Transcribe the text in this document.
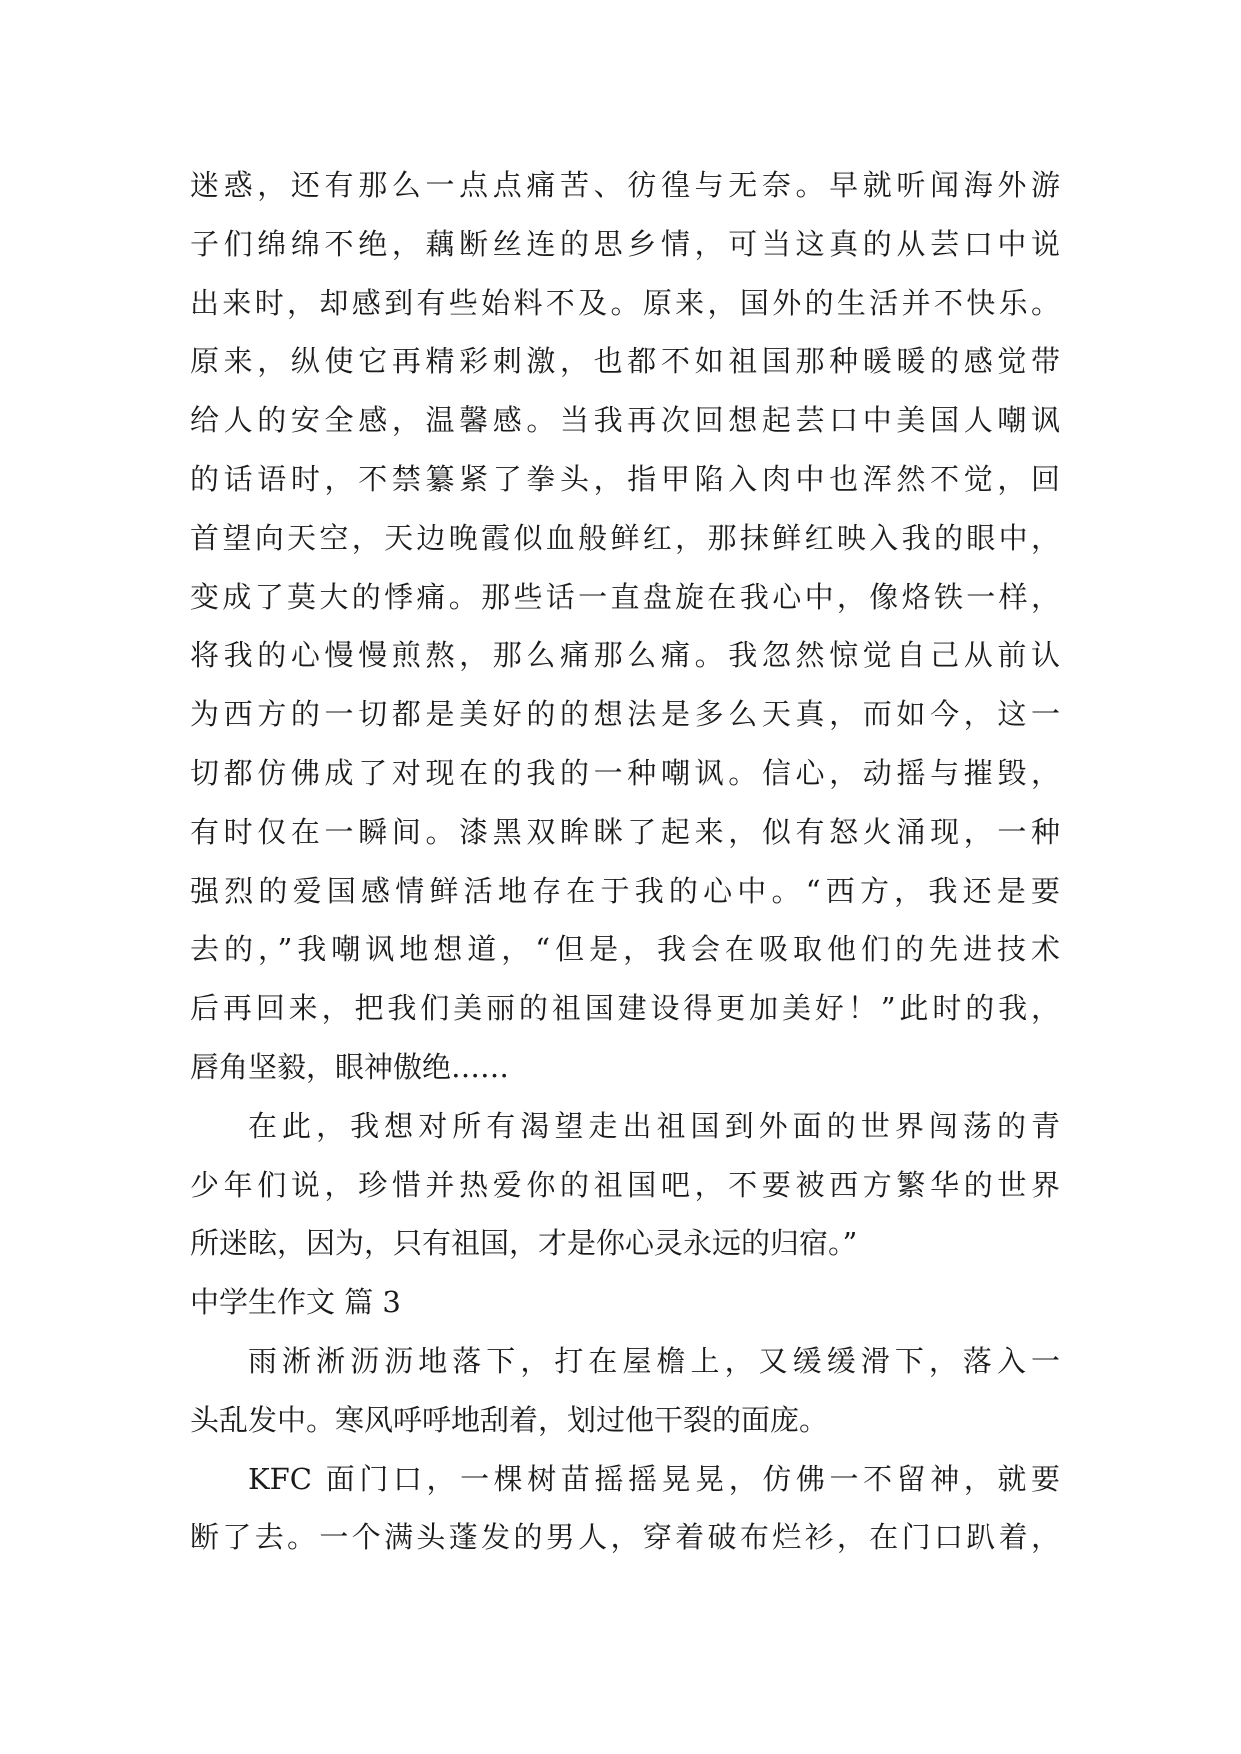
迷惑，还有那么一点点痛苦、彷徨与无奈。早就听闻海外游
子们绵绵不绝，藕断丝连的思乡情，可当这真的从芸口中说
出来时，却感到有些始料不及。原来，国外的生活并不快乐。
原来，纵使它再精彩刺激，也都不如祖国那种暖暖的感觉带
给人的安全感，温馨感。当我再次回想起芸口中美国人嘲讽
的话语时，不禁纂紧了拳头，指甲陷入肉中也浑然不觉，回
首望向天空，天边晚霞似血般鲜红，那抹鲜红映入我的眼中，
变成了莫大的悸痛。那些话一直盘旋在我心中，像烙铁一样，
将我的心慢慢煎熬，那么痛那么痛。我忽然惊觉自己从前认
为西方的一切都是美好的的想法是多么天真，而如今，这一
切都仿佛成了对现在的我的一种嘲讽。信心，动摇与摧毁，
有时仅在一瞬间。漆黑双眸眯了起来，似有怒火涌现，一种
强烈的爱国感情鲜活地存在于我的心中。“西方，我还是要
去的，”我嘲讽地想道，“但是，我会在吸取他们的先进技术
后再回来，把我们美丽的祖国建设得更加美好！”此时的我，
唇角坚毅，眼神傲绝……
在此，我想对所有渴望走出祖国到外面的世界闯荡的青
少年们说，珍惜并热爱你的祖国吧，不要被西方繁华的世界
所迷眩，因为，只有祖国，才是你心灵永远的归宿。”
中学生作文 篇 3
雨淅淅沥沥地落下，打在屋檐上，又缓缓滑下，落入一
头乱发中。寒风呼呼地刮着，划过他干裂的面庞。
KFC 面门口，一棵树苗摇摇晃晃，仿佛一不留神，就要
断了去。一个满头蓬发的男人，穿着破布烂衫，在门口趴着，
